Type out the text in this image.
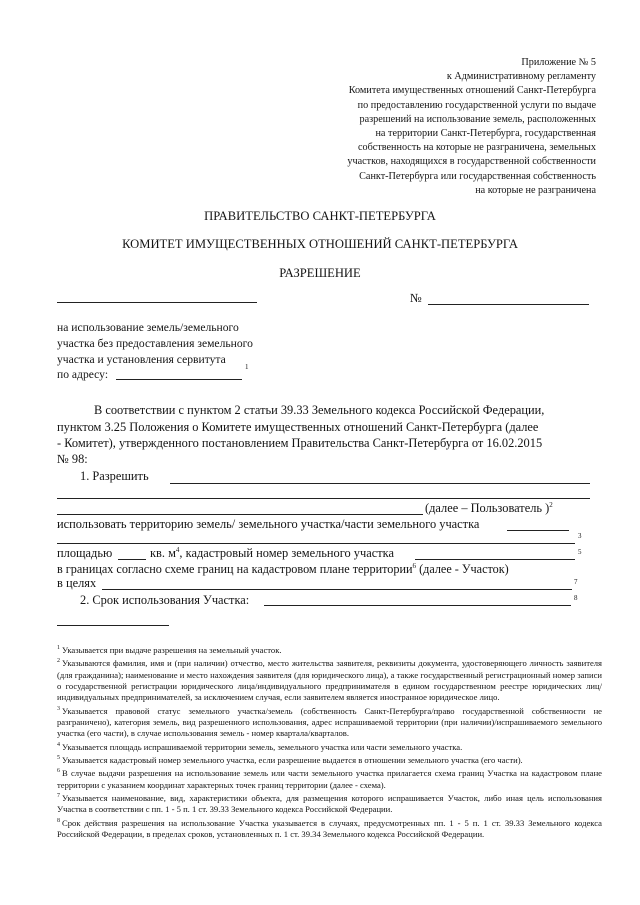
Приложение № 5
к Административному регламенту
Комитета имущественных отношений Санкт-Петербурга
по предоставлению государственной услуги по выдаче
разрешений на использование земель, расположенных
на территории Санкт-Петербурга, государственная
собственность на которые не разграничена, земельных
участков, находящихся в государственной собственности
Санкт-Петербурга или государственная собственность
на которые не разграничена
ПРАВИТЕЛЬСТВО САНКТ-ПЕТЕРБУРГА
КОМИТЕТ ИМУЩЕСТВЕННЫХ ОТНОШЕНИЙ САНКТ-ПЕТЕРБУРГА
РАЗРЕШЕНИЕ
№
на использование земель/земельного
участка без предоставления земельного
участка и установления сервитута
по адресу:
1
В соответствии с пунктом 2 статьи 39.33 Земельного кодекса Российской Федерации,
пунктом 3.25 Положения о Комитете имущественных отношений Санкт-Петербурга (далее
- Комитет), утвержденного постановлением Правительства Санкт-Петербурга от 16.02.2015
№ 98:
1. Разрешить
(далее – Пользователь )$^2$
использовать территорию земель/ земельного участка/части земельного участка
3
площадью	кв. $м^4$, кадастровый номер земельного участка	5
в границах согласно схеме границ на кадастровом плане территории$^6$ (далее - Участок)
в целях	7
2. Срок использования Участка:	8
$^1$ Указывается при выдаче разрешения на земельный участок.
$^2$ Указываются фамилия, имя и (при наличии) отчество, место жительства заявителя, реквизиты документа, удостоверяющего личность заявителя (для гражданина); наименование и место нахождения заявителя (для юридического лица), а также государственный регистрационный номер записи о государственной регистрации юридического лица/индивидуального предпринимателя в едином государственном реестре юридических лиц/индивидуальных предпринимателей, за исключением случая, если заявителем является иностранное юридическое лицо.
$^3$ Указывается правовой статус земельного участка/земель (собственность Санкт-Петербурга/право государственной собственности не разграничено), категория земель, вид разрешенного использования, адрес испрашиваемой территории (при наличии)/испрашиваемого земельного участка (его части), в случае использования земель - номер квартала/кварталов.
$^4$ Указывается площадь испрашиваемой территории земель, земельного участка или части земельного участка.
$^5$ Указывается кадастровый номер земельного участка, если разрешение выдается в отношении земельного участка (его части).
$^6$ В случае выдачи разрешения на использование земель или части земельного участка прилагается схема границ Участка на кадастровом плане территории с указанием координат характерных точек границ территории (далее - схема).
$^7$ Указывается наименование, вид, характеристики объекта, для размещения которого испрашивается Участок, либо иная цель использования Участка в соответствии с пп. 1 - 5 п. 1 ст. 39.33 Земельного кодекса Российской Федерации.
$^8$ Срок действия разрешения на использование Участка указывается в случаях, предусмотренных пп. 1 - 5 п. 1 ст. 39.33 Земельного кодекса Российской Федерации, в пределах сроков, установленных п. 1 ст. 39.34 Земельного кодекса Российской Федерации.
